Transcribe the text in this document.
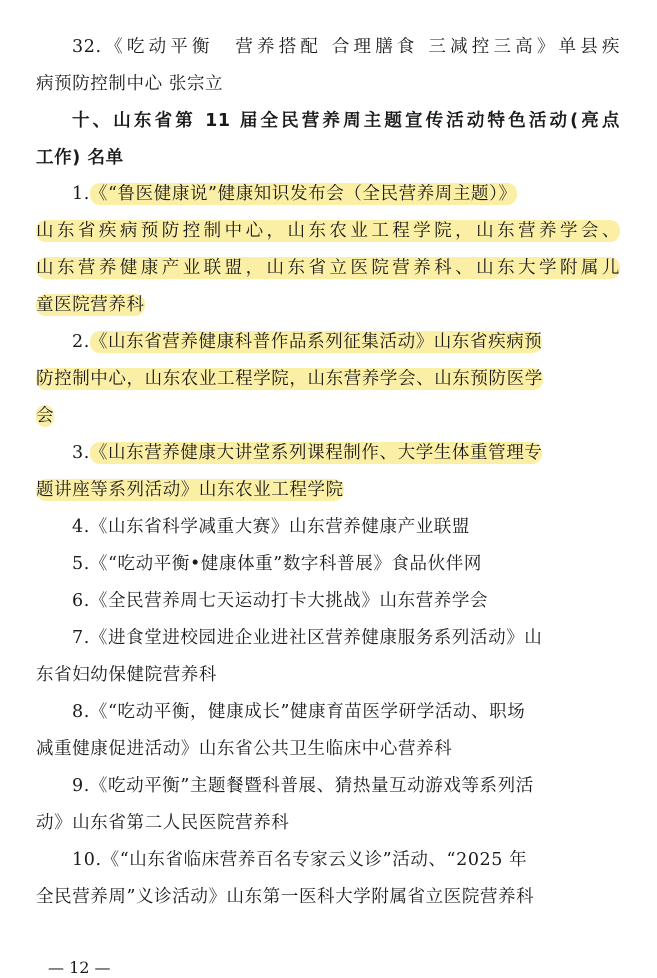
32.《吃动平衡　营养搭配 合理膳食 三减控三高》单县疾
病预防控制中心 张宗立
十、山东省第 11 届全民营养周主题宣传活动特色活动(亮点
工作) 名单
1.《“鲁医健康说”健康知识发布会（全民营养周主题）》
山东省疾病预防控制中心，山东农业工程学院，山东营养学会、
山东营养健康产业联盟，山东省立医院营养科、山东大学附属儿
童医院营养科
2.《山东省营养健康科普作品系列征集活动》山东省疾病预
防控制中心，山东农业工程学院，山东营养学会、山东预防医学
会
3.《山东营养健康大讲堂系列课程制作、大学生体重管理专
题讲座等系列活动》山东农业工程学院
4.《山东省科学减重大赛》山东营养健康产业联盟
5.《“吃动平衡•健康体重”数字科普展》食品伙伴网
6.《全民营养周七天运动打卡大挑战》山东营养学会
7.《进食堂进校园进企业进社区营养健康服务系列活动》山
东省妇幼保健院营养科
8.《“吃动平衡，健康成长”健康育苗医学研学活动、职场
减重健康促进活动》山东省公共卫生临床中心营养科
9.《吃动平衡”主题餐暨科普展、猜热量互动游戏等系列活
动》山东省第二人民医院营养科
10.《“山东省临床营养百名专家云义诊”活动、“2025 年
全民营养周”义诊活动》山东第一医科大学附属省立医院营养科
— 12 —
